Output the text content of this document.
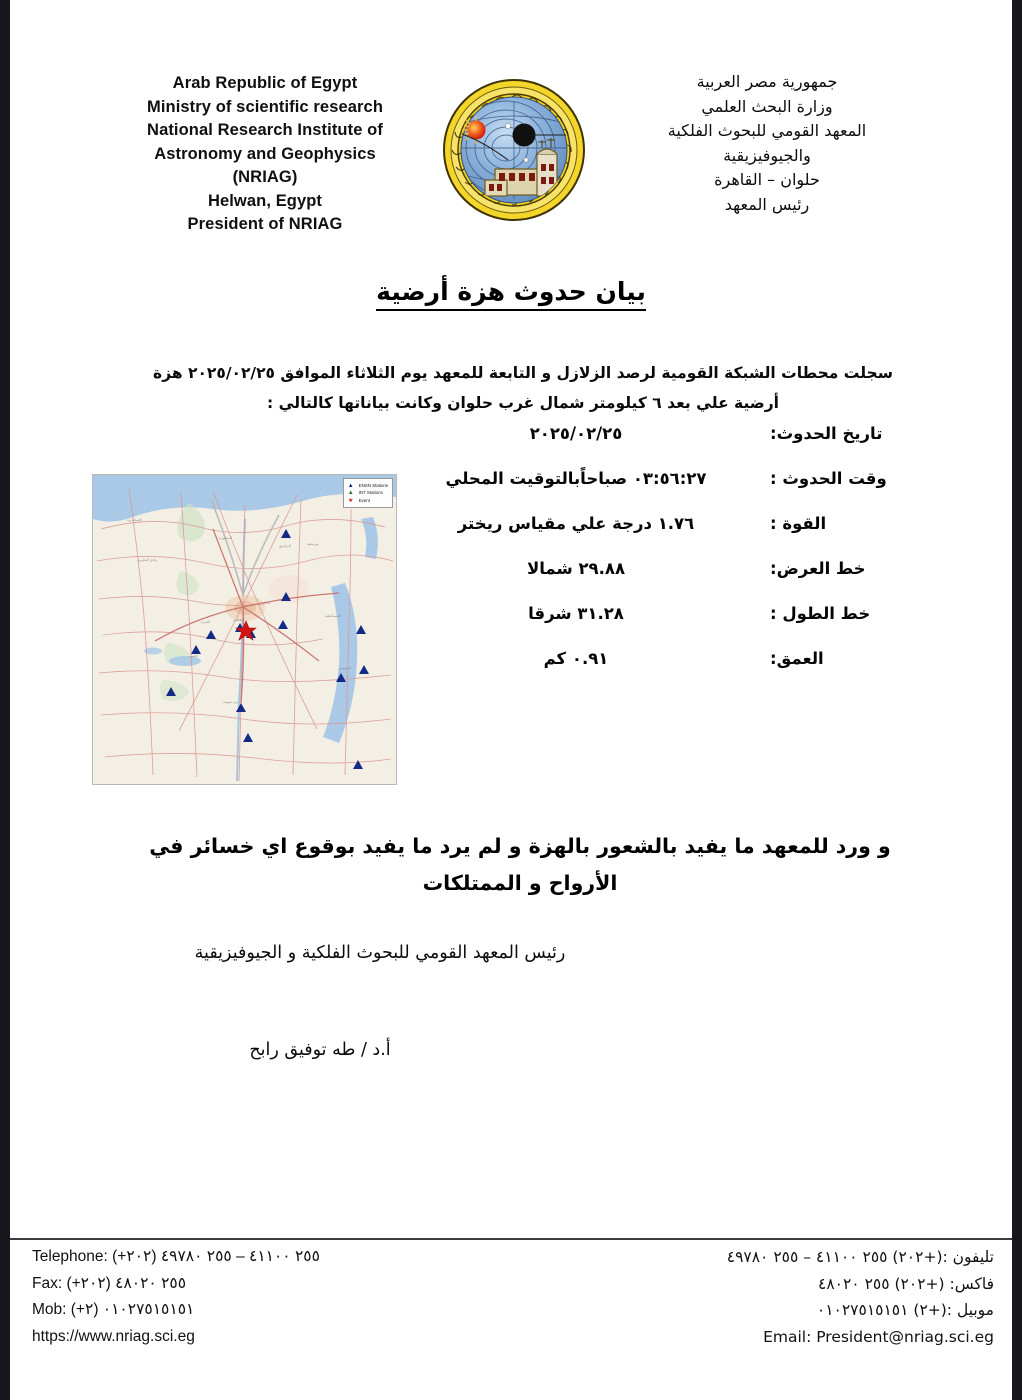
Arab Republic of Egypt
Ministry of scientific research
National Research Institute of
Astronomy and Geophysics
(NRIAG)
Helwan, Egypt
President of NRIAG
جمهورية مصر العربية
وزارة البحث العلمي
المعهد القومي للبحوث الفلكية
والجيوفيزيقية
حلوان – القاهرة
رئيس المعهد
بيان حدوث هزة أرضية
سجلت محطات الشبكة القومية لرصد الزلازل و التابعة للمعهد يوم الثلاثاء الموافق ٢٠٢٥/٠٢/٢٥ هزة أرضية علي بعد ٦ كيلومتر شمال غرب حلوان وكانت بياناتها كالتالي :
الإسكندرية
المنصورة
الزقازيق	بورسعيد
الإسماعيلية
القاهرة
الجيزة
الفيوم
بني سويف
وادي النطرون
السويس
▲ ENSN Stations
▲ INT Stations
★ Event
تاريخ الحدوث:
٢٠٢٥/٠٢/٢٥
وقت الحدوث :
٠٣:٥٦:٢٧ صباحاًبالتوقيت المحلي
القوة :
١.٧٦ درجة علي مقياس ريختر
خط العرض:
٢٩.٨٨ شمالا
خط الطول :
٣١.٢٨ شرقا
العمق:
٠.٩١ كم
و ورد للمعهد ما يفيد بالشعور بالهزة و لم يرد ما يفيد بوقوع اي خسائر في الأرواح و الممتلكات
رئيس المعهد القومي للبحوث الفلكية و الجيوفيزيقية
أ.د / طه توفيق رابح
Telephone: (+٢٠٢) ٢٥٥ ٤١١٠٠ – ٢٥٥ ٤٩٧٨٠
Fax: (+٢٠٢) ٢٥٥ ٤٨٠٢٠
Mob: (+٢) ٠١٠٢٧٥١٥١٥١
https://www.nriag.sci.eg
تليفون :(+٢٠٢) ٢٥٥ ٤١١٠٠ – ٢٥٥ ٤٩٧٨٠
فاكس: (+٢٠٢) ٢٥٥ ٤٨٠٢٠
موبيل :(+٢) ٠١٠٢٧٥١٥١٥١
Email: President@nriag.sci.eg
